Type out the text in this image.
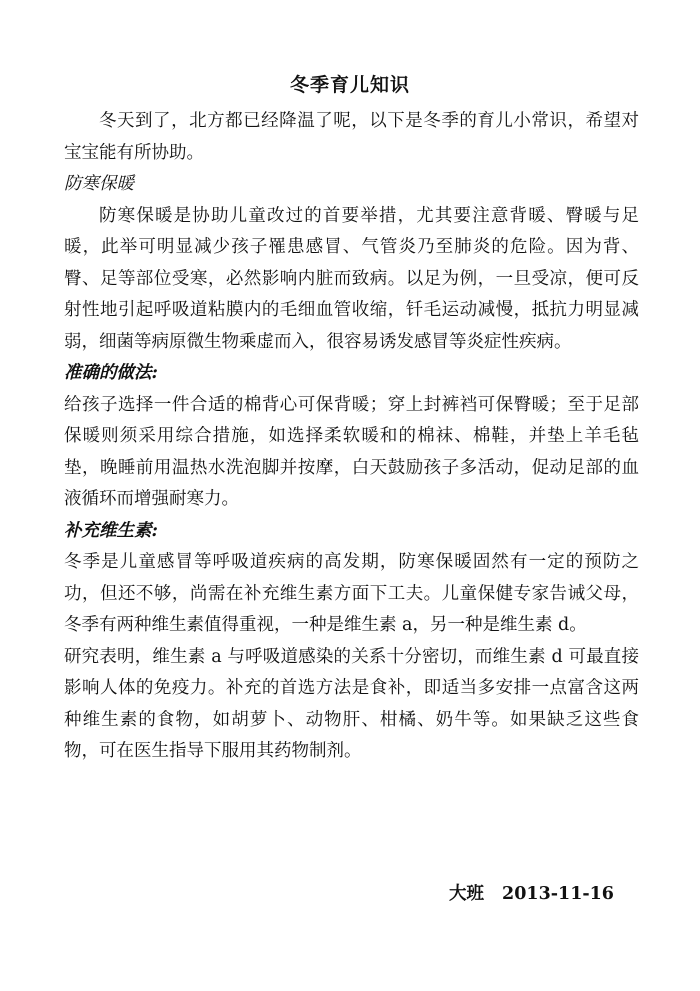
冬季育儿知识

冬天到了，北方都已经降温了呢，以下是冬季的育儿小常识，希望对宝宝能有所协助。

防寒保暖

防寒保暖是协助儿童改过的首要举措，尤其要注意背暖、臀暖与足暖，此举可明显减少孩子罹患感冒、气管炎乃至肺炎的危险。因为背、臀、足等部位受寒，必然影响内脏而致病。以足为例，一旦受凉，便可反射性地引起呼吸道粘膜内的毛细血管收缩，钎毛运动减慢，抵抗力明显减弱，细菌等病原微生物乘虚而入，很容易诱发感冒等炎症性疾病。

准确的做法:

给孩子选择一件合适的棉背心可保背暖；穿上封裤裆可保臀暖；至于足部保暖则须采用综合措施，如选择柔软暖和的棉袜、棉鞋，并垫上羊毛毡垫，晚睡前用温热水洗泡脚并按摩，白天鼓励孩子多活动，促动足部的血液循环而增强耐寒力。

补充维生素:

冬季是儿童感冒等呼吸道疾病的高发期，防寒保暖固然有一定的预防之功，但还不够，尚需在补充维生素方面下工夫。儿童保健专家告诫父母，冬季有两种维生素值得重视，一种是维生素 a，另一种是维生素 d。

研究表明，维生素 a 与呼吸道感染的关系十分密切，而维生素 d 可最直接影响人体的免疫力。补充的首选方法是食补，即适当多安排一点富含这两种维生素的食物，如胡萝卜、动物肝、柑橘、奶牛等。如果缺乏这些食物，可在医生指导下服用其药物制剂。

大班 2013-11-16
